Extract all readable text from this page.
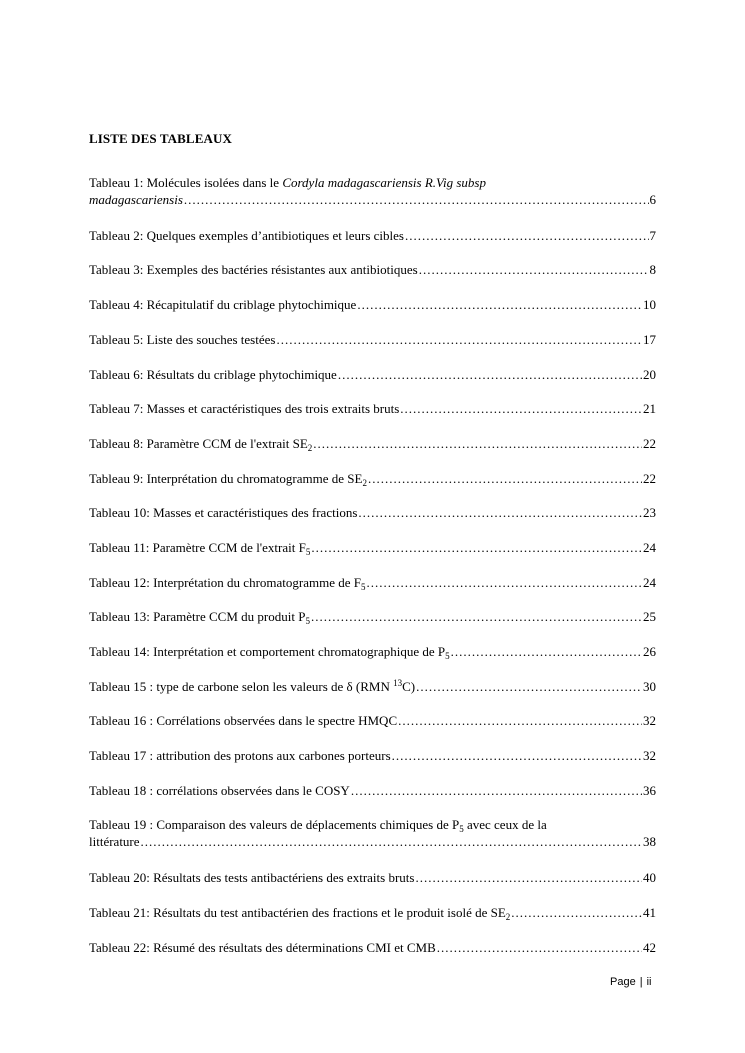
LISTE DES TABLEAUX
Tableau 1: Molécules isolées dans le Cordyla madagascariensis R.Vig subsp
madagascariensis .....	6
Tableau 2: Quelques exemples d’antibiotiques et leurs cibles .....	7
Tableau 3: Exemples des bactéries résistantes aux antibiotiques .....	8
Tableau 4: Récapitulatif du criblage phytochimique .....	10
Tableau 5: Liste des souches testées .....	17
Tableau 6: Résultats du criblage phytochimique .....	20
Tableau 7: Masses et caractéristiques des trois extraits bruts .....	21
Tableau 8: Paramètre CCM de l'extrait $SE_2$ .....	22
Tableau 9: Interprétation du chromatogramme de $SE_2$ .....	22
Tableau 10: Masses et caractéristiques des fractions .....	23
Tableau 11: Paramètre CCM de l'extrait $F_5$ .....	24
Tableau 12: Interprétation du chromatogramme de $F_5$ .....	24
Tableau 13: Paramètre CCM du produit $P_5$ .....	25
Tableau 14: Interprétation et comportement chromatographique de $P_5$ .....	26
Tableau 15 : type de carbone selon les valeurs de δ (RMN $^{13}$C) .....	30
Tableau 16 : Corrélations observées dans le spectre HMQC .....	32
Tableau 17 : attribution des protons aux carbones porteurs .....	32
Tableau 18 : corrélations observées dans le COSY .....	36
Tableau 19 : Comparaison des valeurs de déplacements chimiques de $P_5$ avec ceux de la
littérature .....	38
Tableau 20: Résultats des tests antibactériens des extraits bruts .....	40
Tableau 21: Résultats du test antibactérien des fractions et le produit isolé de $SE_2$ .....	41
Tableau 22: Résumé des résultats des déterminations CMI et CMB .....	42
Page | ii
